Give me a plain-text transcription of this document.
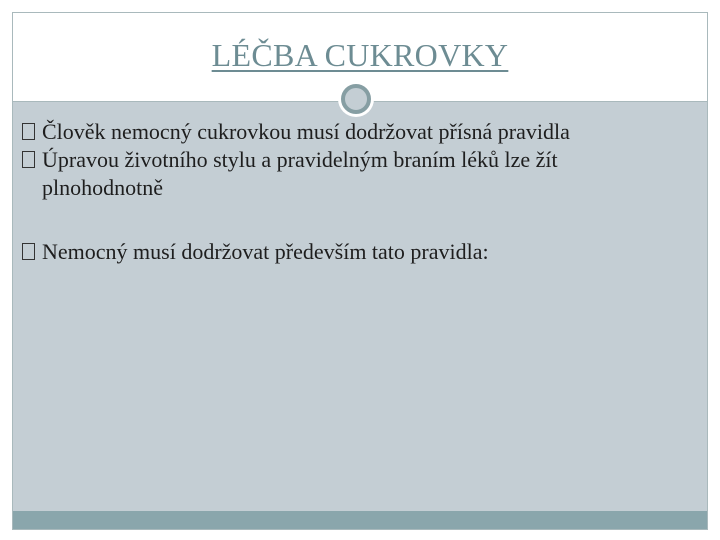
LÉČBA CUKROVKY
Člověk nemocný cukrovkou musí dodržovat přísná pravidla
Úpravou životního stylu a pravidelným braním léků lze žít plnohodnotně
Nemocný musí dodržovat především tato pravidla:
